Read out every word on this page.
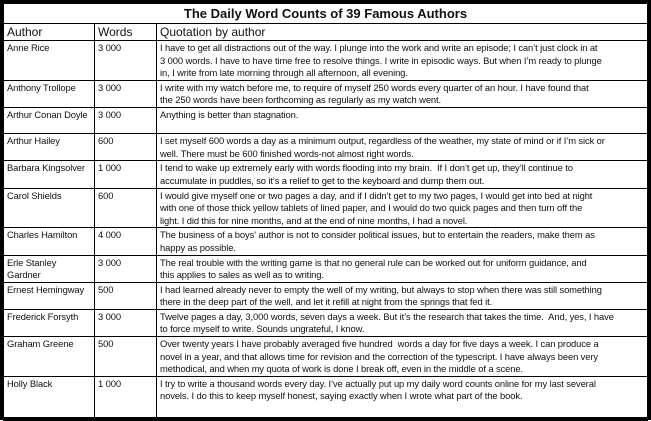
The Daily Word Counts of 39 Famous Authors		
Author	Words	Quotation by author
Anne Rice	3 000	I have to get all distractions out of the way. I plunge into the work and write an episode; I can’t just clock in at
3 000 words. I have to have time free to resolve things. I write in episodic ways. But when I’m ready to plunge
in, I write from late morning through all afternoon, all evening.
Anthony Trollope	3 000	I write with my watch before me, to require of myself 250 words every quarter of an hour. I have found that
the 250 words have been forthcoming as regularly as my watch went.
Arthur Conan Doyle	3 000	Anything is better than stagnation.
Arthur Hailey	600	I set myself 600 words a day as a minimum output, regardless of the weather, my state of mind or if I’m sick or
well. There must be 600 finished words-not almost right words.
Barbara Kingsolver	1 000	I tend to wake up extremely early with words flooding into my brain.  If I don’t get up, they’ll continue to
accumulate in puddles, so it’s a relief to get to the keyboard and dump them out.
Carol Shields	600	I would give myself one or two pages a day, and if I didn’t get to my two pages, I would get into bed at night
with one of those thick yellow tablets of lined paper, and I would do two quick pages and then turn off the
light. I did this for nine months, and at the end of nine months, I had a novel.
Charles Hamilton	4 000	The business of a boys' author is not to consider political issues, but to entertain the readers, make them as
happy as possible.
Erle Stanley Gardner	3 000	The real trouble with the writing game is that no general rule can be worked out for uniform guidance, and
this applies to sales as well as to writing.
Ernest Hemingway	500	I had learned already never to empty the well of my writing, but always to stop when there was still something
there in the deep part of the well, and let it refill at night from the springs that fed it.
Frederick Forsyth	3 000	Twelve pages a day, 3,000 words, seven days a week. But it’s the research that takes the time.  And, yes, I have
to force myself to write. Sounds ungrateful, I know.
Graham Greene	500	Over twenty years I have probably averaged five hundred  words a day for five days a week. I can produce a
novel in a year, and that allows time for revision and the correction of the typescript. I have always been very
methodical, and when my quota of work is done I break off, even in the middle of a scene.
Holly Black	1 000	I try to write a thousand words every day. I’ve actually put up my daily word counts online for my last several
novels. I do this to keep myself honest, saying exactly when I wrote what part of the book.
